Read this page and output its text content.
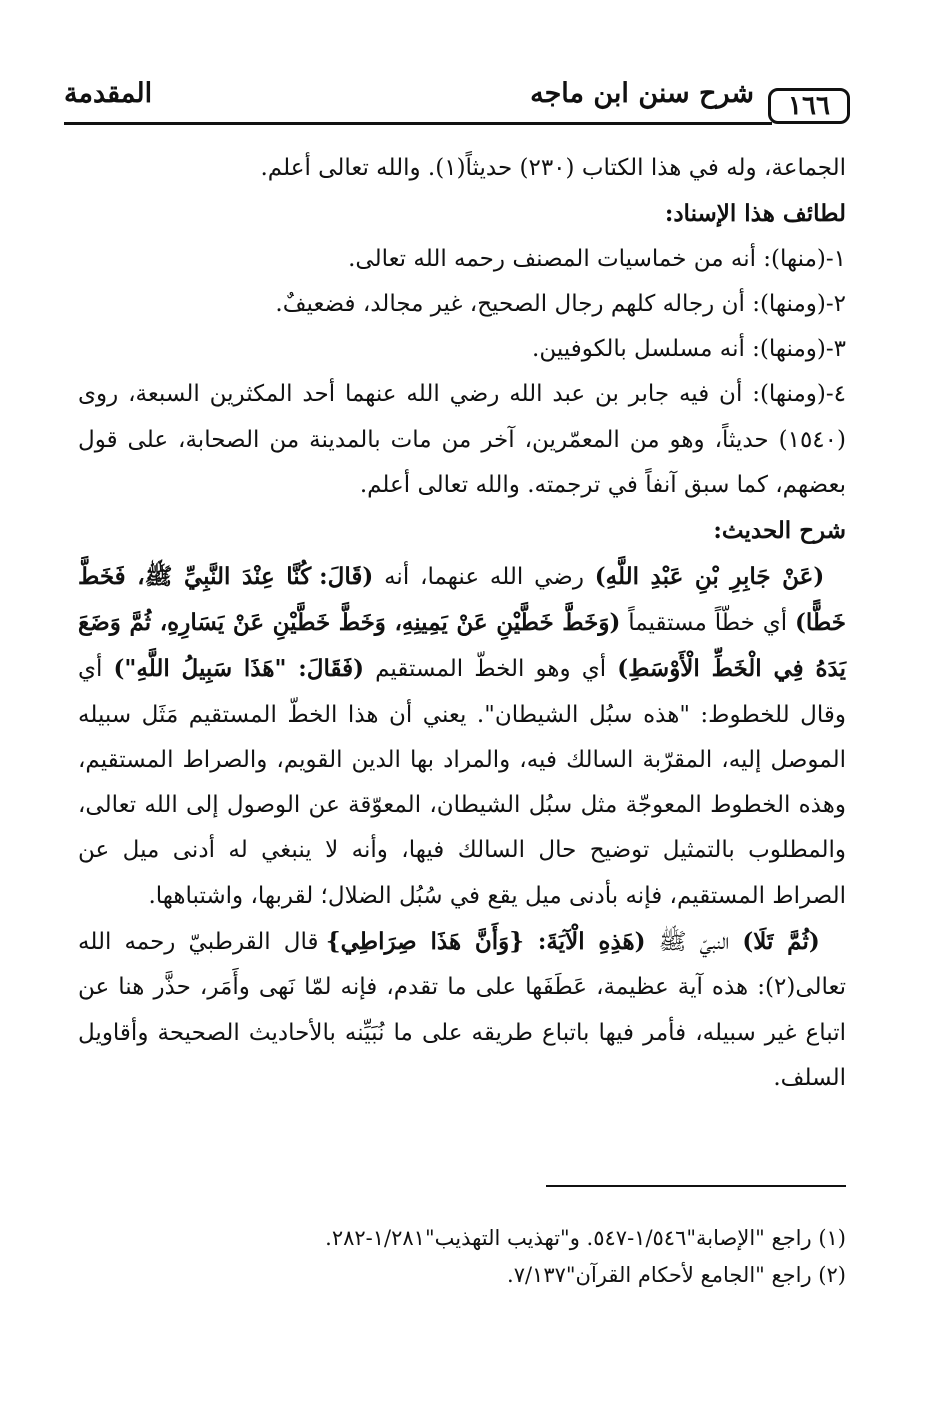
١٦٦
شرح سنن ابن ماجه
المقدمة

الجماعة، وله في هذا الكتاب (٢٣٠) حديثاً(١). والله تعالى أعلم.

لطائف هذا الإسناد:

١-(منها): أنه من خماسيات المصنف رحمه الله تعالى.

٢-(ومنها): أن رجاله كلهم رجال الصحيح، غير مجالد، فضعيفٌ.

٣-(ومنها): أنه مسلسل بالكوفيين.

٤-(ومنها): أن فيه جابر بن عبد الله رضي الله عنهما أحد المكثرين السبعة، روى (١٥٤٠) حديثاً، وهو من المعمّرين، آخر من مات بالمدينة من الصحابة، على قول بعضهم، كما سبق آنفاً في ترجمته. والله تعالى أعلم.

شرح الحديث:

(عَنْ جَابِرِ بْنِ عَبْدِ اللَّهِ) رضي الله عنهما، أنه (قَالَ: كُنَّا عِنْدَ النَّبِيِّ ﷺ، فَخَطَّ خَطًّا) أي خطّاً مستقيماً (وَخَطَّ خَطَّيْنِ عَنْ يَمِينِهِ، وَخَطَّ خَطَّيْنِ عَنْ يَسَارِهِ، ثُمَّ وَضَعَ يَدَهُ فِي الْخَطِّ الْأَوْسَطِ) أي وهو الخطّ المستقيم (فَقَالَ: "هَذَا سَبِيلُ اللَّهِ") أي وقال للخطوط: "هذه سبُل الشيطان". يعني أن هذا الخطّ المستقيم مَثَل سبيله الموصل إليه، المقرّبة السالك فيه، والمراد بها الدين القويم، والصراط المستقيم، وهذه الخطوط المعوجّة مثل سبُل الشيطان، المعوّقة عن الوصول إلى الله تعالى، والمطلوب بالتمثيل توضيح حال السالك فيها، وأنه لا ينبغي له أدنى ميل عن الصراط المستقيم، فإنه بأدنى ميل يقع في سُبُل الضلال؛ لقربها، واشتباهها.

(ثُمَّ تَلَا) النبيّ ﷺ (هَذِهِ الْآيَةَ: {وَأَنَّ هَذَا صِرَاطِي} قال القرطبيّ رحمه الله تعالى(٢): هذه آية عظيمة، عَطَفَها على ما تقدم، فإنه لمّا نَهى وأَمَر، حذَّر هنا عن اتباع غير سبيله، فأمر فيها باتباع طريقه على ما نُبَيِّنه بالأحاديث الصحيحة وأقاويل السلف.

(١) راجع "الإصابة"١/٥٤٦-٥٤٧. و"تهذيب التهذيب"١/٢٨١-٢٨٢.

(٢) راجع "الجامع لأحكام القرآن"٧/١٣٧.
